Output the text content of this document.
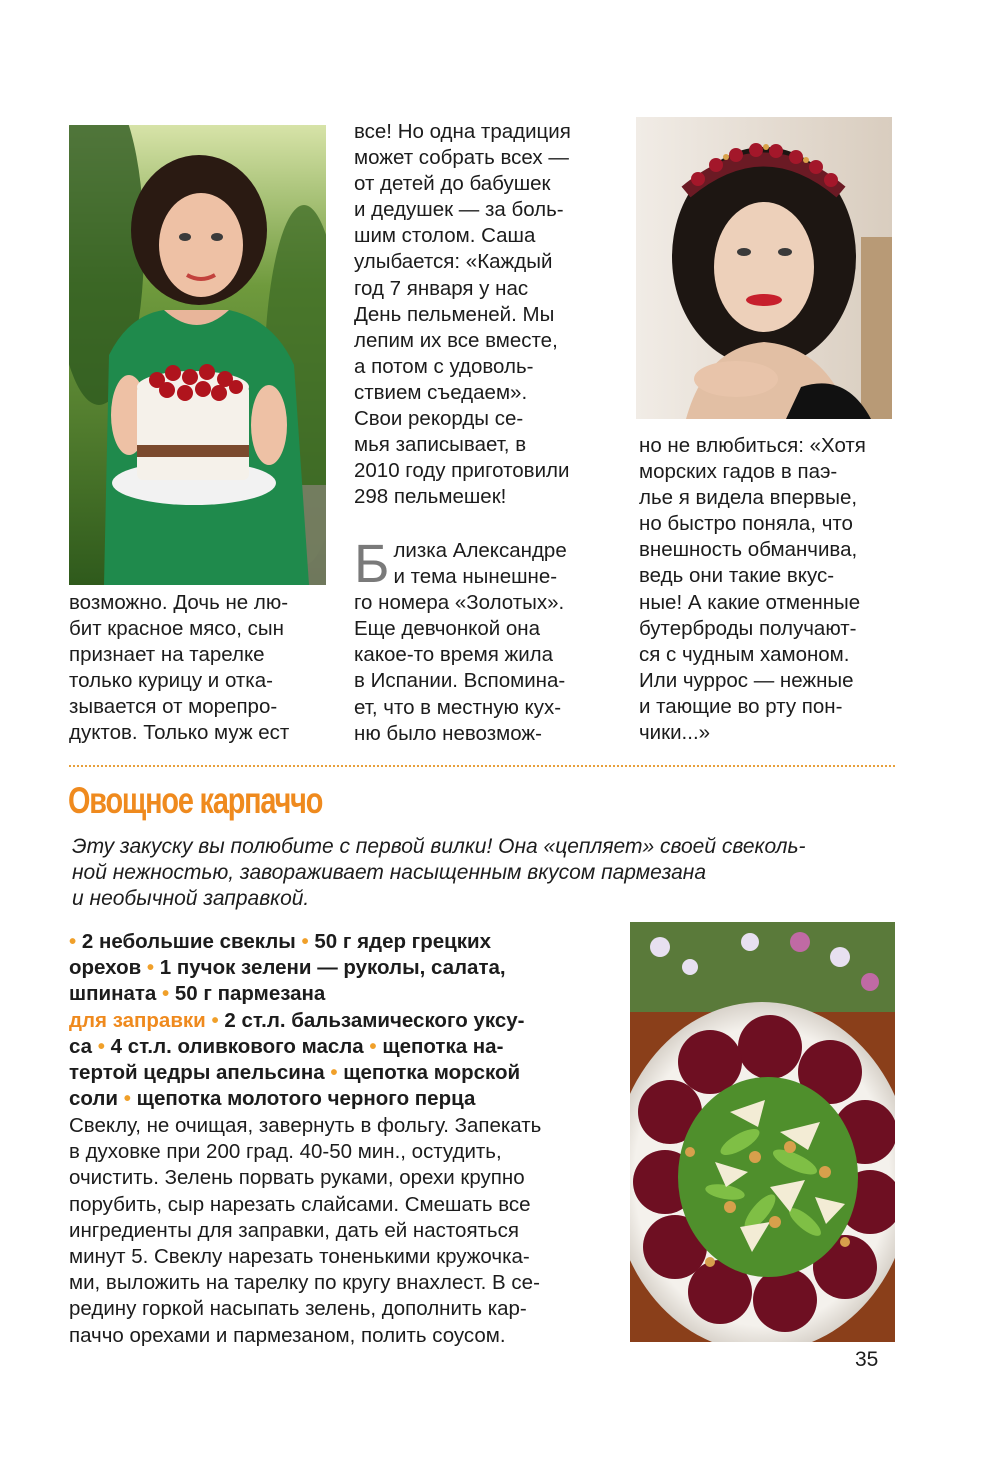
возможно. Дочь не лю-
бит красное мясо, сын
признает на тарелке
только курицу и отка-
зывается от морепро-
дуктов. Только муж ест
все! Но одна традиция
может собрать всех —
от детей до бабушек
и дедушек — за боль-
шим столом. Саша
улыбается: «Каждый
год 7 января у нас
День пельменей. Мы
лепим их все вместе,
а потом с удоволь-
ствием съедаем».
Свои рекорды се-
мья записывает, в
2010 году приготовили
298 пельмешек!
Б лизка Александре
и тема нынешне-
го номера «Золотых».
Еще девчонкой она
какое-то время жила
в Испании. Вспомина-
ет, что в местную кух-
ню было невозмож-
но не влюбиться: «Хотя
морских гадов в паэ-
лье я видела впервые,
но быстро поняла, что
внешность обманчива,
ведь они такие вкус-
ные! А какие отменные
бутерброды получают-
ся с чудным хамоном.
Или чуррос — нежные
и тающие во рту пон-
чики...»
Овощное карпаччо
Эту закуску вы полюбите с первой вилки! Она «цепляет» своей свеколь-
ной нежностью, завораживает насыщенным вкусом пармезана
и необычной заправкой.
• 2 небольшие свеклы • 50 г ядер грецких
орехов • 1 пучок зелени — руколы, салата,
шпината • 50 г пармезана
для заправки • 2 ст.л. бальзамического уксу-
са • 4 ст.л. оливкового масла • щепотка на-
тертой цедры апельсина • щепотка морской
соли • щепотка молотого черного перца
Свеклу, не очищая, завернуть в фольгу. Запекать
в духовке при 200 град. 40-50 мин., остудить,
очистить. Зелень порвать руками, орехи крупно
порубить, сыр нарезать слайсами. Смешать все
ингредиенты для заправки, дать ей настояться
минут 5. Свеклу нарезать тоненькими кружочка-
ми, выложить на тарелку по кругу внахлест. В се-
редину горкой насыпать зелень, дополнить кар-
паччо орехами и пармезаном, полить соусом.
35
